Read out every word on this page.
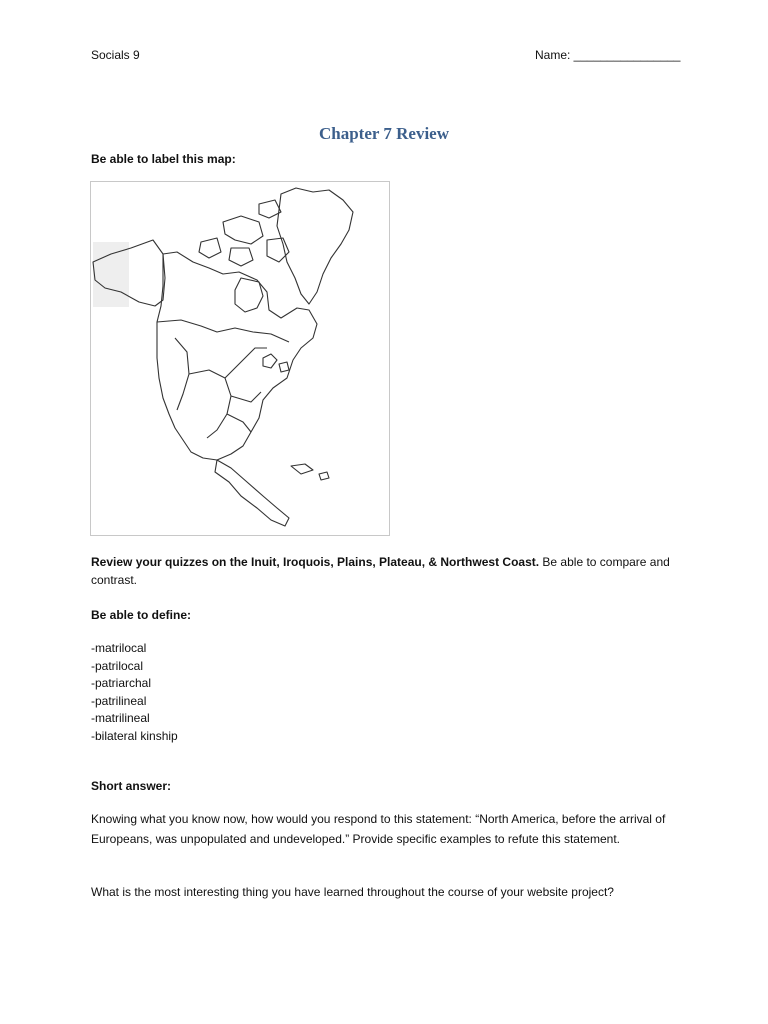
Socials 9	Name: ________________
Chapter 7 Review
Be able to label this map:
Review your quizzes on the Inuit, Iroquois, Plains, Plateau, & Northwest Coast. Be able to compare and contrast.
Be able to define:
-matrilocal
-patrilocal
-patriarchal
-patrilineal
-matrilineal
-bilateral kinship
Short answer:
Knowing what you know now, how would you respond to this statement: “North America, before the arrival of Europeans, was unpopulated and undeveloped.” Provide specific examples to refute this statement.
What is the most interesting thing you have learned throughout the course of your website project?
